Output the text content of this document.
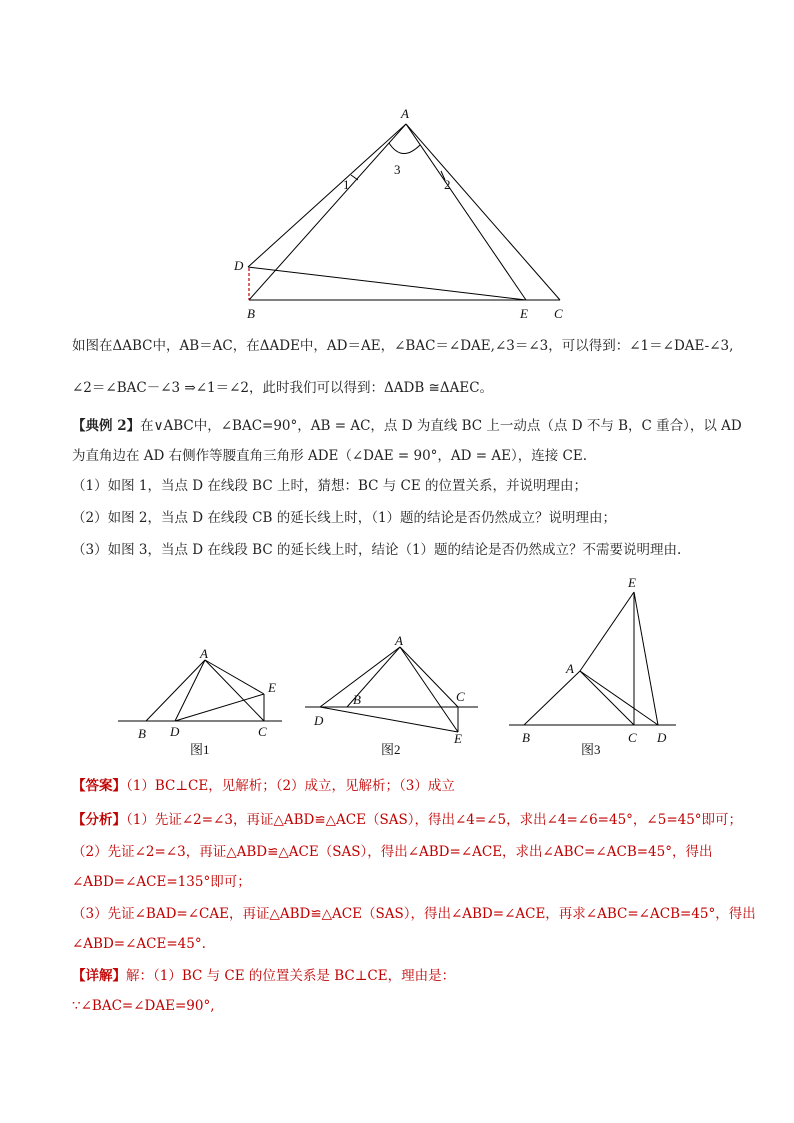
A
D
B	E C
1
3
2
如图在ΔABC中，AB＝AC，在ΔADE中，AD＝AE，∠BAC＝∠DAE,∠3＝∠3，可以得到：∠1＝∠DAE-∠3,
∠2＝∠BAC－∠3 ⇒∠1＝∠2，此时我们可以得到：ΔADB ≅ΔAEC。
【典例 2】在∨ABC中，∠BAC=90°，AB = AC，点 D 为直线 BC 上一动点（点 D 不与 B，C 重合），以 AD
为直角边在 AD 右侧作等腰直角三角形 ADE（∠DAE = 90°，AD = AE），连接 CE.
（1）如图 1，当点 D 在线段 BC 上时，猜想：BC 与 CE 的位置关系，并说明理由；
（2）如图 2，当点 D 在线段 CB 的延长线上时，（1）题的结论是否仍然成立？说明理由；
（3）如图 3，当点 D 在线段 BC 的延长线上时，结论（1）题的结论是否仍然成立？不需要说明理由.
A
E
B D	C
图1
A
B	C
D
E
图2
E
A
B	C D
图3
【答案】（1）BC⊥CE，见解析；（2）成立，见解析；（3）成立
【分析】（1）先证∠2=∠3，再证△ABD≌△ACE（SAS），得出∠4=∠5，求出∠4=∠6=45°，∠5=45°即可；
（2）先证∠2=∠3，再证△ABD≌△ACE（SAS），得出∠ABD=∠ACE，求出∠ABC=∠ACB=45°，得出
∠ABD=∠ACE=135°即可；
（3）先证∠BAD=∠CAE，再证△ABD≌△ACE（SAS），得出∠ABD=∠ACE，再求∠ABC=∠ACB=45°，得出
∠ABD=∠ACE=45°.
【详解】解：（1）BC 与 CE 的位置关系是 BC⊥CE，理由是：
∵∠BAC=∠DAE=90°,
